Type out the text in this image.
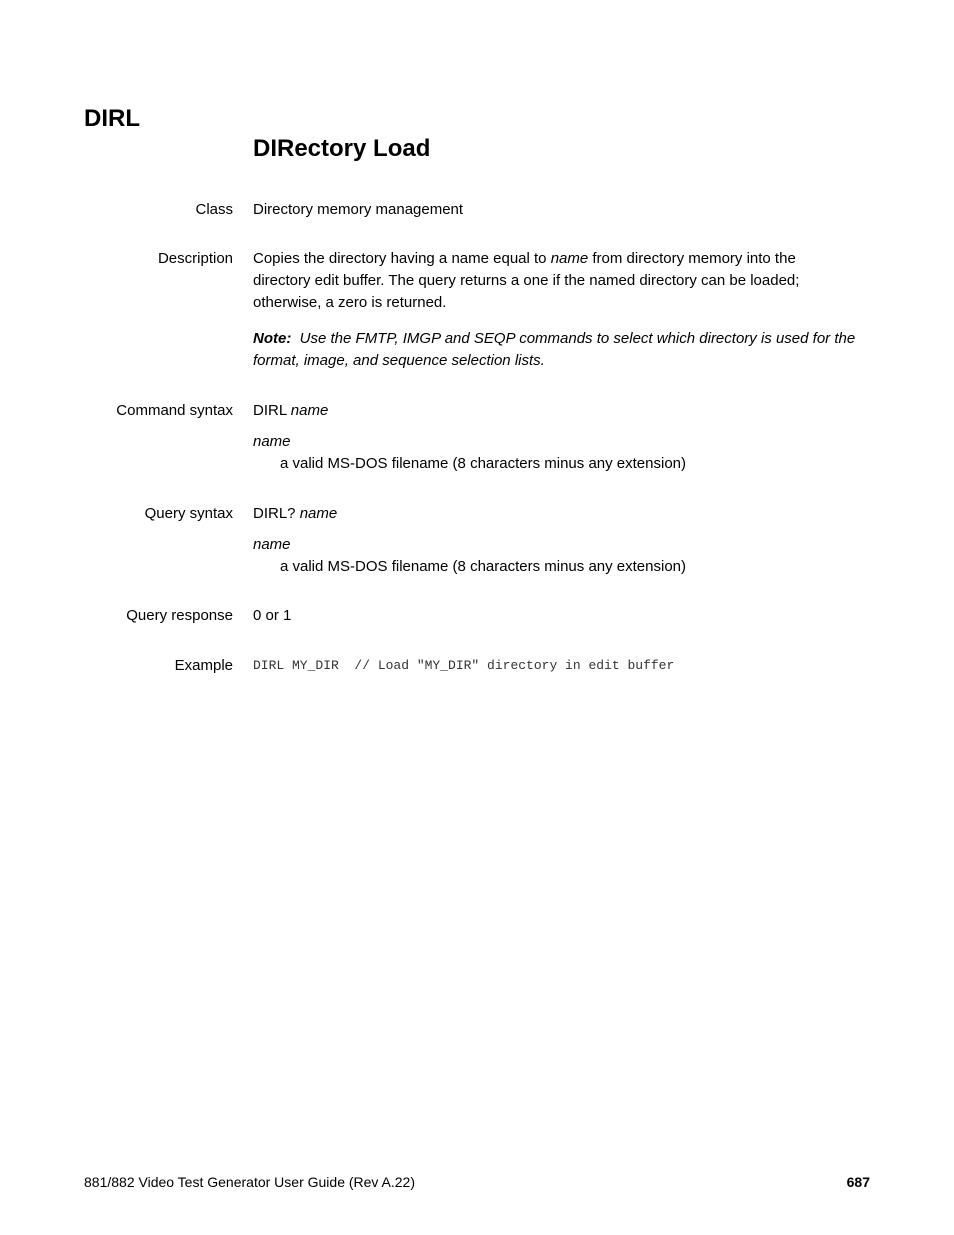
DIRL
DIRectory Load
Class Directory memory management

Description Copies the directory having a name equal to name from directory memory into the directory edit buffer. The query returns a one if the named directory can be loaded; otherwise, a zero is returned.

Note: Use the FMTP, IMGP and SEQP commands to select which directory is used for the format, image, and sequence selection lists.

Command syntax DIRL name

name

a valid MS-DOS filename (8 characters minus any extension)

Query syntax DIRL? name

name

a valid MS-DOS filename (8 characters minus any extension)

Query response 0 or 1

Example DIRL MY_DIR  // Load "MY_DIR" directory in edit buffer

881/882 Video Test Generator User Guide (Rev A.22)	687
